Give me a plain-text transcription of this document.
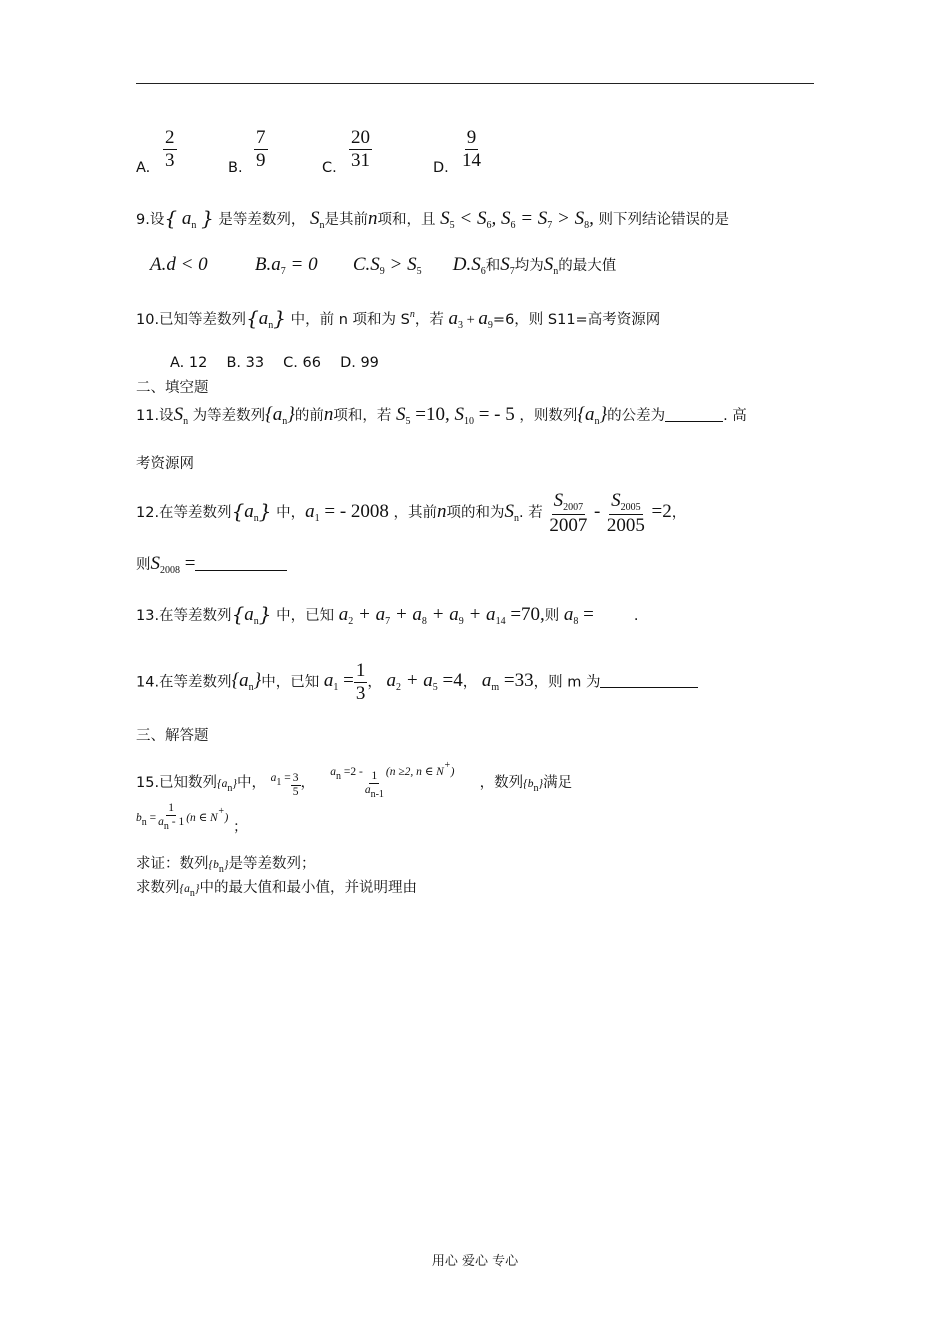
A. $\frac{2}{3}$	B. $\frac{7}{9}$	C. $\frac{20}{31}$	D. $\frac{9}{14}$
9.设{ $a_n$ } 是等差数列， $S_n$是其前n项和，且 $S_5 < S_6$, $S_6 = S_7 > S_8$, 则下列结论错误的是
A.d < 0 $B.a_7 = 0$ $C.S_9 > S_5$ $D.S_6$和$S_7$均为$S_n$的最大值
10.已知等差数列$\{a_n\}$ 中，前 n 项和为 $S^n$，若 $a_3 + a_9=6$，则 S11=高考资源网
A. 12　 B. 33　 C. 66　 D. 99
二、填空题
11.设$S_n$ 为等差数列$\{a_n\}$的前n项和，若 $S_5 =10$, $S_{10}$ = - 5 ，则数列$\{a_n\}$的公差为	. 高
考资源网
12.在等差数列$\{a_n\}$ 中，$a_1$ = - 2008 ，其前n项的和为$S_n$. 若 $\frac{S_{2007}}{2007} - \frac{S_{2005}}{2005} =2$，
则$S_{2008}$ =
13.在等差数列$\{a_n\}$ 中，已知 $a_2 + a_7 + a_8 + a_9 + a_{14} =70$,则 $a_8$ =	.
14.在等差数列$\{a_n\}$中，已知 $a_1 = \frac{1}{3}$ ， $a_2 + a_5 =4$， $a_m =33$，则 m 为
三、解答题
15.已知数列{an}中， $^{a1 =} \frac{3}{5}$ ，  $^{an =2 -} \frac{1}{an-1} ^{(n \ge 2, n \in N+)}$  ，数列{bn}满足
bn = $\frac{1}{an - 1} (n$ ∈ N+) ；
求证：数列{bn}是等差数列；
求数列{an}中的最大值和最小值，并说明理由
用心 爱心 专心
